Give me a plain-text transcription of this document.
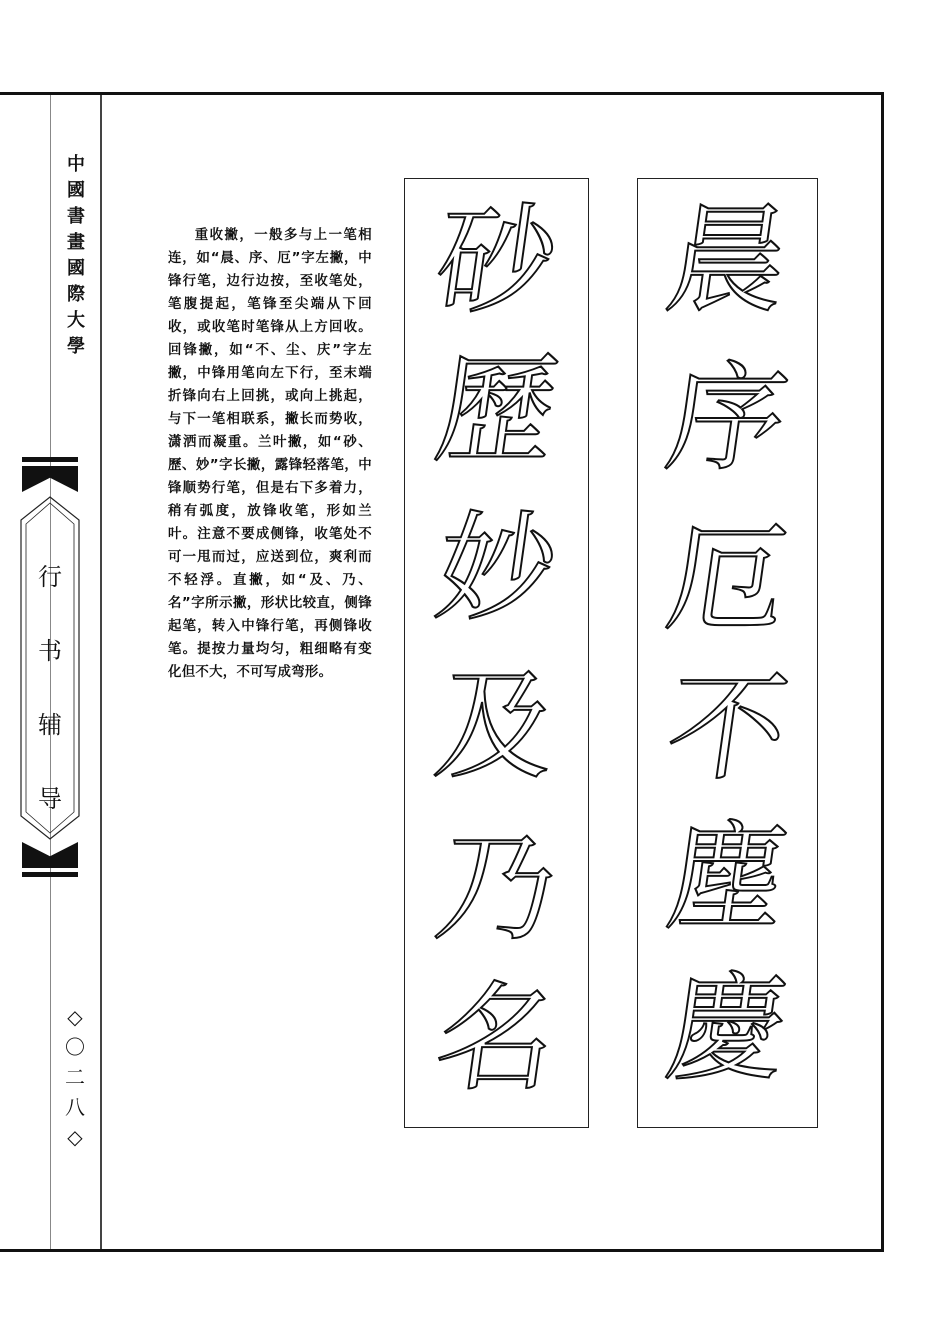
中
國
書
畫
國
際
大
學
行
书
辅
导
◇
〇
二
八
◇
重收撇，一般多与上一笔相连，如“晨、序、厄”字左撇，中锋行笔，边行边按，至收笔处，笔腹提起，笔锋至尖端从下回收，或收笔时笔锋从上方回收。回锋撇，如“不、尘、庆”字左撇，中锋用笔向左下行，至末端折锋向右上回挑，或向上挑起，与下一笔相联系，撇长而势收，潇洒而凝重。兰叶撇，如“砂、歷、妙”字长撇，露锋轻落笔，中锋顺势行笔，但是右下多着力，稍有弧度，放锋收笔，形如兰叶。注意不要成侧锋，收笔处不可一甩而过，应送到位，爽利而不轻浮。直撇，如“及、乃、名”字所示撇，形状比较直，侧锋起笔，转入中锋行笔，再侧锋收笔。提按力量均匀，粗细略有变化但不大，不可写成弯形。
砂
歷
妙
及
乃
名
晨
序
厄
不
塵
慶
